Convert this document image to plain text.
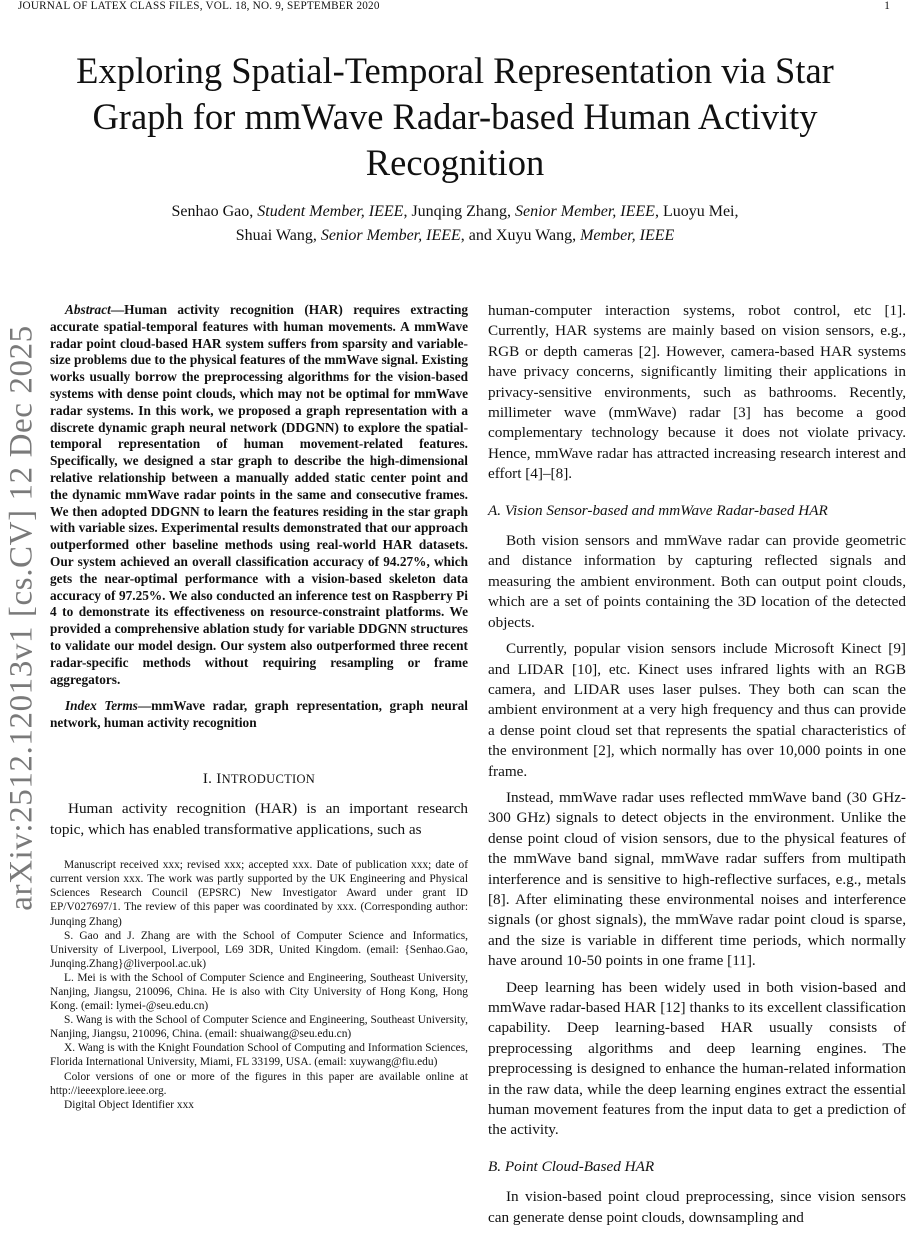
JOURNAL OF LATEX CLASS FILES, VOL. 18, NO. 9, SEPTEMBER 2020	1
arXiv:2512.12013v1 [cs.CV] 12 Dec 2025
Exploring Spatial-Temporal Representation via Star Graph for mmWave Radar-based Human Activity Recognition
Senhao Gao, Student Member, IEEE, Junqing Zhang, Senior Member, IEEE, Luoyu Mei,
Shuai Wang, Senior Member, IEEE, and Xuyu Wang, Member, IEEE

Abstract—Human activity recognition (HAR) requires extracting accurate spatial-temporal features with human movements. A mmWave radar point cloud-based HAR system suffers from sparsity and variable-size problems due to the physical features of the mmWave signal. Existing works usually borrow the preprocessing algorithms for the vision-based systems with dense point clouds, which may not be optimal for mmWave radar systems. In this work, we proposed a graph representation with a discrete dynamic graph neural network (DDGNN) to explore the spatial-temporal representation of human movement-related features. Specifically, we designed a star graph to describe the high-dimensional relative relationship between a manually added static center point and the dynamic mmWave radar points in the same and consecutive frames. We then adopted DDGNN to learn the features residing in the star graph with variable sizes. Experimental results demonstrated that our approach outperformed other baseline methods using real-world HAR datasets. Our system achieved an overall classification accuracy of 94.27%, which gets the near-optimal performance with a vision-based skeleton data accuracy of 97.25%. We also conducted an inference test on Raspberry Pi 4 to demonstrate its effectiveness on resource-constraint platforms. We provided a comprehensive ablation study for variable DDGNN structures to validate our model design. Our system also outperformed three recent radar-specific methods without requiring resampling or frame aggregators.

Index Terms—mmWave radar, graph representation, graph neural network, human activity recognition

I. INTRODUCTION

Human activity recognition (HAR) is an important research topic, which has enabled transformative applications, such as

Manuscript received xxx; revised xxx; accepted xxx. Date of publication xxx; date of current version xxx. The work was partly supported by the UK Engineering and Physical Sciences Research Council (EPSRC) New Investigator Award under grant ID EP/V027697/1. The review of this paper was coordinated by xxx. (Corresponding author: Junqing Zhang)

S. Gao and J. Zhang are with the School of Computer Science and Informatics, University of Liverpool, Liverpool, L69 3DR, United Kingdom. (email: {Senhao.Gao, Junqing.Zhang}@liverpool.ac.uk)

L. Mei is with the School of Computer Science and Engineering, Southeast University, Nanjing, Jiangsu, 210096, China. He is also with City University of Hong Kong, Hong Kong. (email: lymei-@seu.edu.cn)

S. Wang is with the School of Computer Science and Engineering, Southeast University, Nanjing, Jiangsu, 210096, China. (email: shuaiwang@seu.edu.cn)

X. Wang is with the Knight Foundation School of Computing and Information Sciences, Florida International University, Miami, FL 33199, USA. (email: xuywang@fiu.edu)

Color versions of one or more of the figures in this paper are available online at http://ieeexplore.ieee.org.

Digital Object Identifier xxx

human-computer interaction systems, robot control, etc [1]. Currently, HAR systems are mainly based on vision sensors, e.g., RGB or depth cameras [2]. However, camera-based HAR systems have privacy concerns, significantly limiting their applications in privacy-sensitive environments, such as bathrooms. Recently, millimeter wave (mmWave) radar [3] has become a good complementary technology because it does not violate privacy. Hence, mmWave radar has attracted increasing research interest and effort [4]–[8].

A. Vision Sensor-based and mmWave Radar-based HAR

Both vision sensors and mmWave radar can provide geometric and distance information by capturing reflected signals and measuring the ambient environment. Both can output point clouds, which are a set of points containing the 3D location of the detected objects.

Currently, popular vision sensors include Microsoft Kinect [9] and LIDAR [10], etc. Kinect uses infrared lights with an RGB camera, and LIDAR uses laser pulses. They both can scan the ambient environment at a very high frequency and thus can provide a dense point cloud set that represents the spatial characteristics of the environment [2], which normally has over 10,000 points in one frame.

Instead, mmWave radar uses reflected mmWave band (30 GHz-300 GHz) signals to detect objects in the environment. Unlike the dense point cloud of vision sensors, due to the physical features of the mmWave band signal, mmWave radar suffers from multipath interference and is sensitive to high-reflective surfaces, e.g., metals [8]. After eliminating these environmental noises and interference signals (or ghost signals), the mmWave radar point cloud is sparse, and the size is variable in different time periods, which normally have around 10-50 points in one frame [11].

Deep learning has been widely used in both vision-based and mmWave radar-based HAR [12] thanks to its excellent classification capability. Deep learning-based HAR usually consists of preprocessing algorithms and deep learning engines. The preprocessing is designed to enhance the human-related information in the raw data, while the deep learning engines extract the essential human movement features from the input data to get a prediction of the activity.

B. Point Cloud-Based HAR

In vision-based point cloud preprocessing, since vision sensors can generate dense point clouds, downsampling and
